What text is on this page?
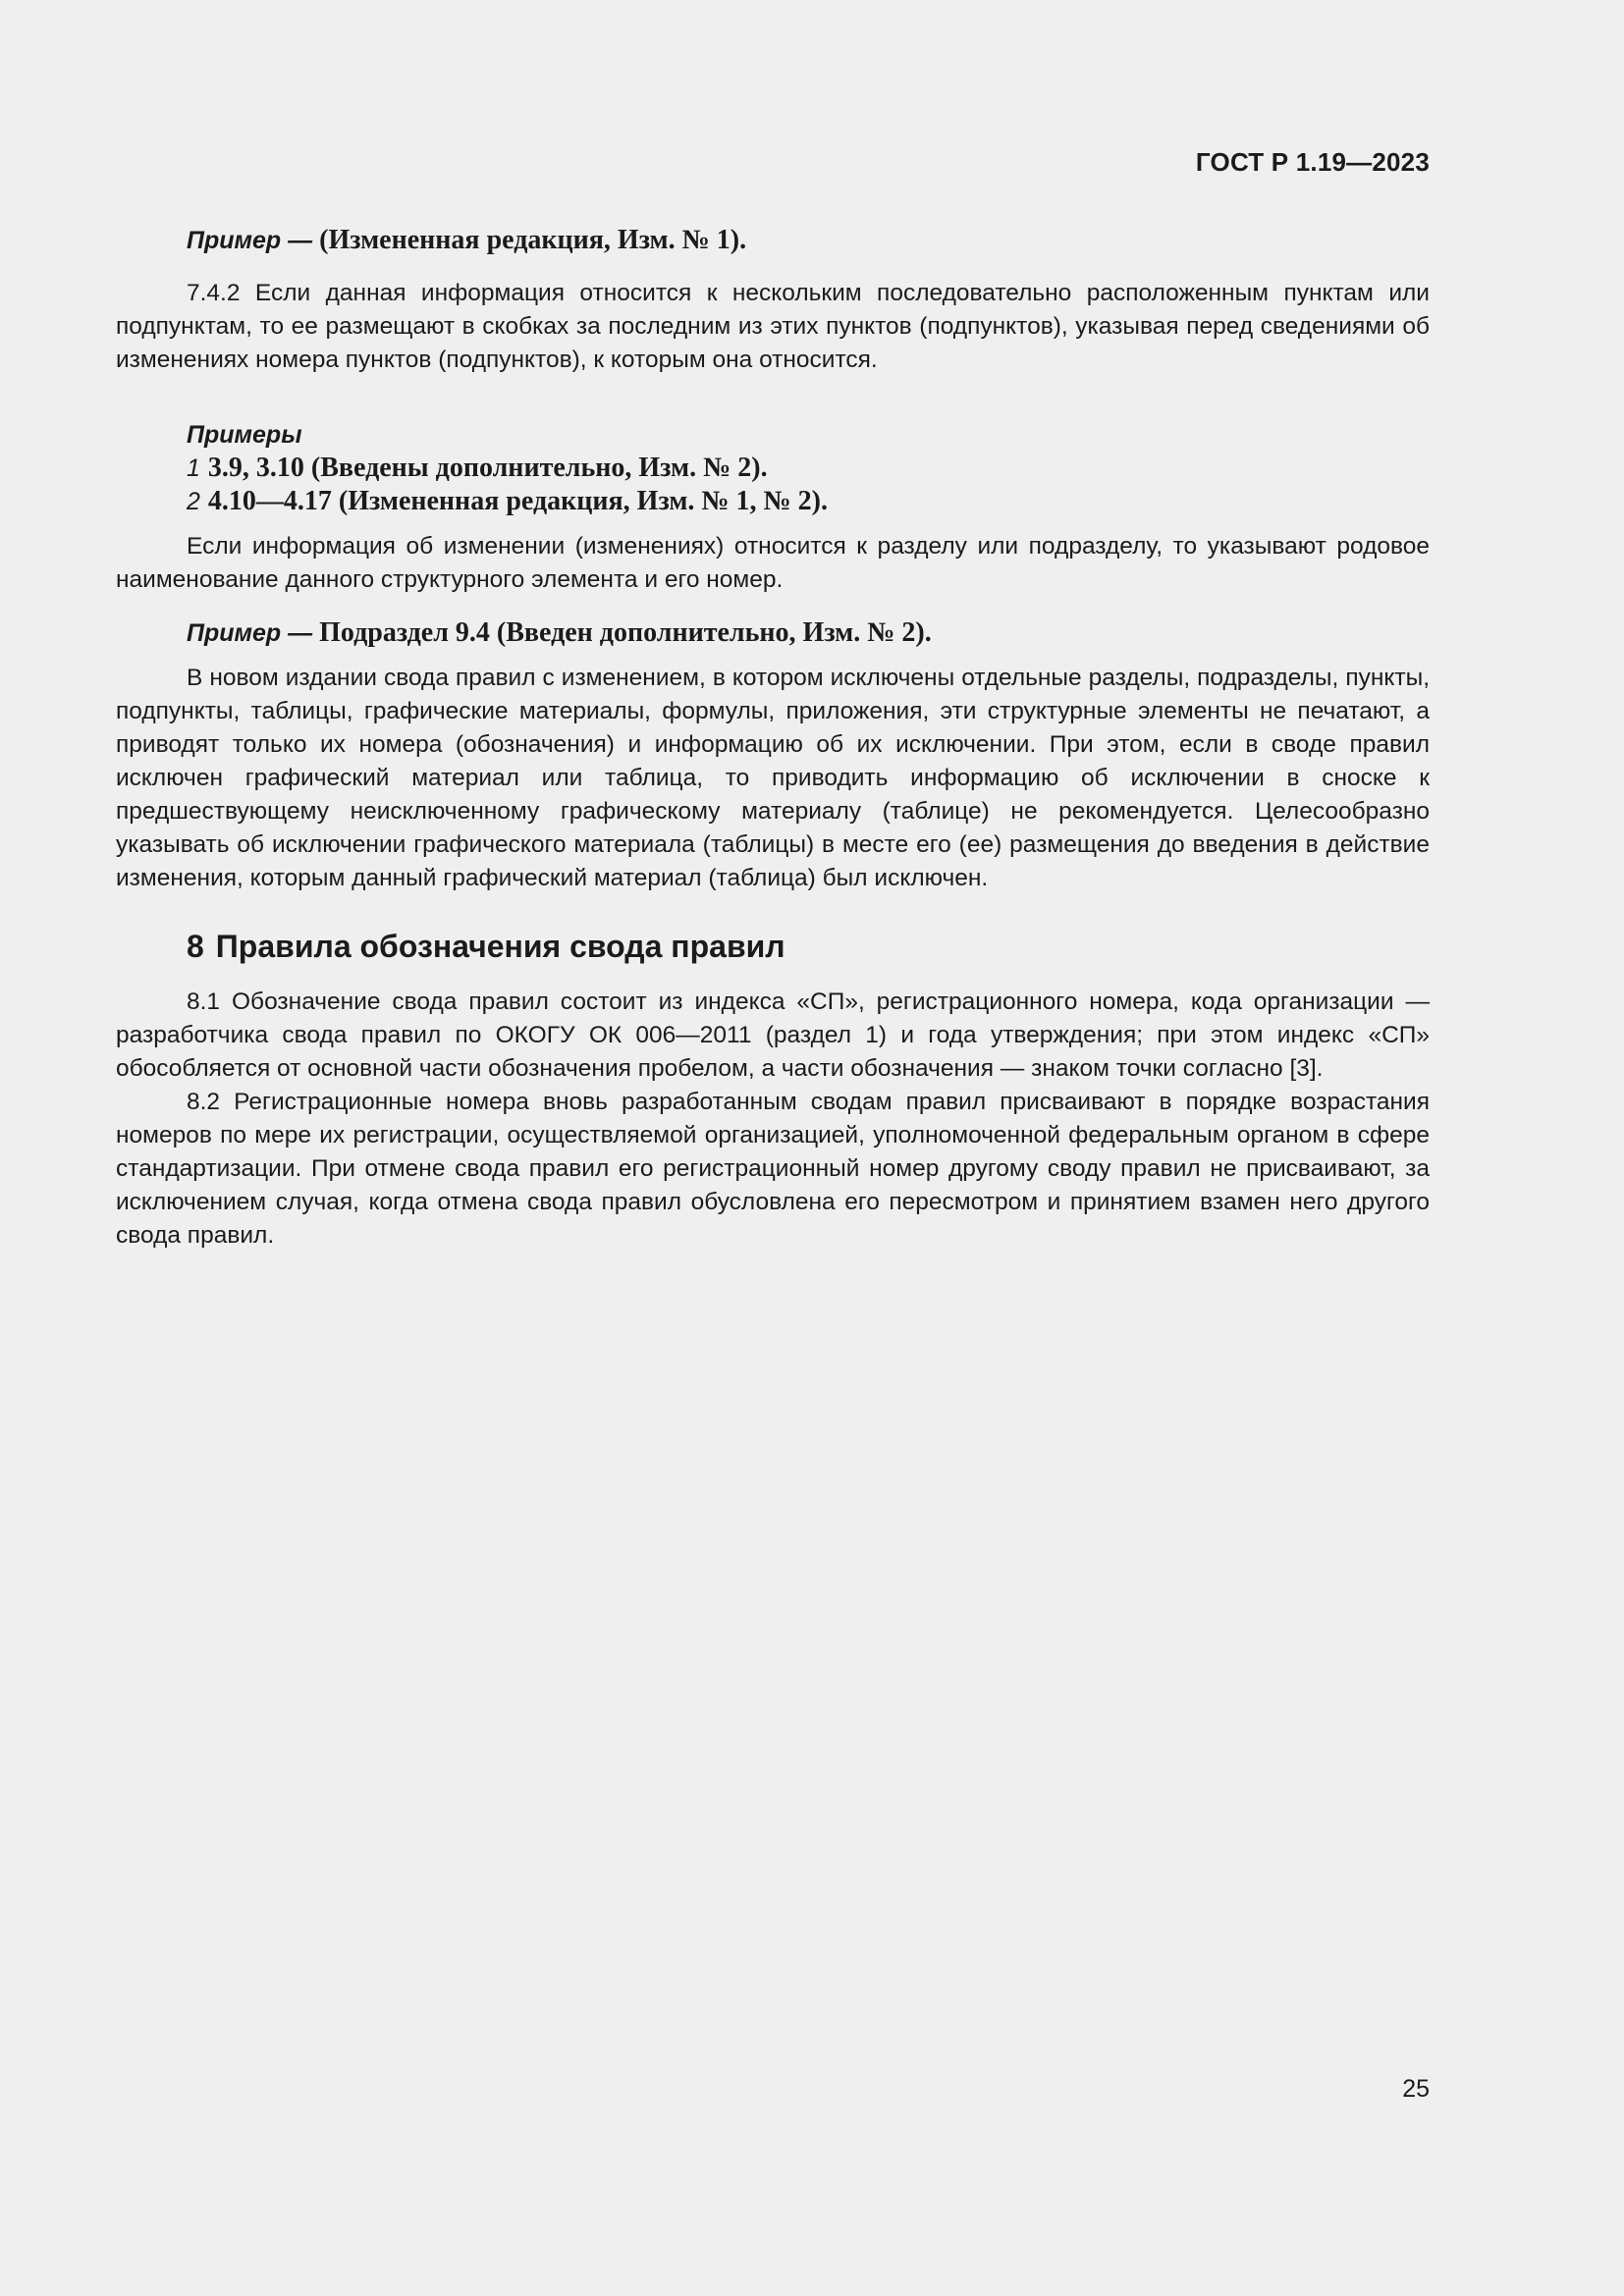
ГОСТ Р 1.19—2023
Пример — (Измененная редакция, Изм. № 1).

7.4.2 Если данная информация относится к нескольким последовательно расположенным пунктам или подпунктам, то ее размещают в скобках за последним из этих пунктов (подпунктов), указывая перед сведениями об изменениях номера пунктов (подпунктов), к которым она относится.

Примеры
1 3.9, 3.10 (Введены дополнительно, Изм. № 2).
2 4.10—4.17 (Измененная редакция, Изм. № 1, № 2).

Если информация об изменении (изменениях) относится к разделу или подразделу, то указывают родовое наименование данного структурного элемента и его номер.

Пример — Подраздел 9.4 (Введен дополнительно, Изм. № 2).

В новом издании свода правил с изменением, в котором исключены отдельные разделы, подразделы, пункты, подпункты, таблицы, графические материалы, формулы, приложения, эти структурные элементы не печатают, а приводят только их номера (обозначения) и информацию об их исключении. При этом, если в своде правил исключен графический материал или таблица, то приводить информацию об исключении в сноске к предшествующему неисключенному графическому материалу (таблице) не рекомендуется. Целесообразно указывать об исключении графического материала (таблицы) в месте его (ее) размещения до введения в действие изменения, которым данный графический материал (таблица) был исключен.

8 Правила обозначения свода правил

8.1 Обозначение свода правил состоит из индекса «СП», регистрационного номера, кода организации — разработчика свода правил по ОКОГУ ОК 006—2011 (раздел 1) и года утверждения; при этом индекс «СП» обособляется от основной части обозначения пробелом, а части обозначения — знаком точки согласно [3].

8.2 Регистрационные номера вновь разработанным сводам правил присваивают в порядке возрастания номеров по мере их регистрации, осуществляемой организацией, уполномоченной федеральным органом в сфере стандартизации. При отмене свода правил его регистрационный номер другому своду правил не присваивают, за исключением случая, когда отмена свода правил обусловлена его пересмотром и принятием взамен него другого свода правил.

25
